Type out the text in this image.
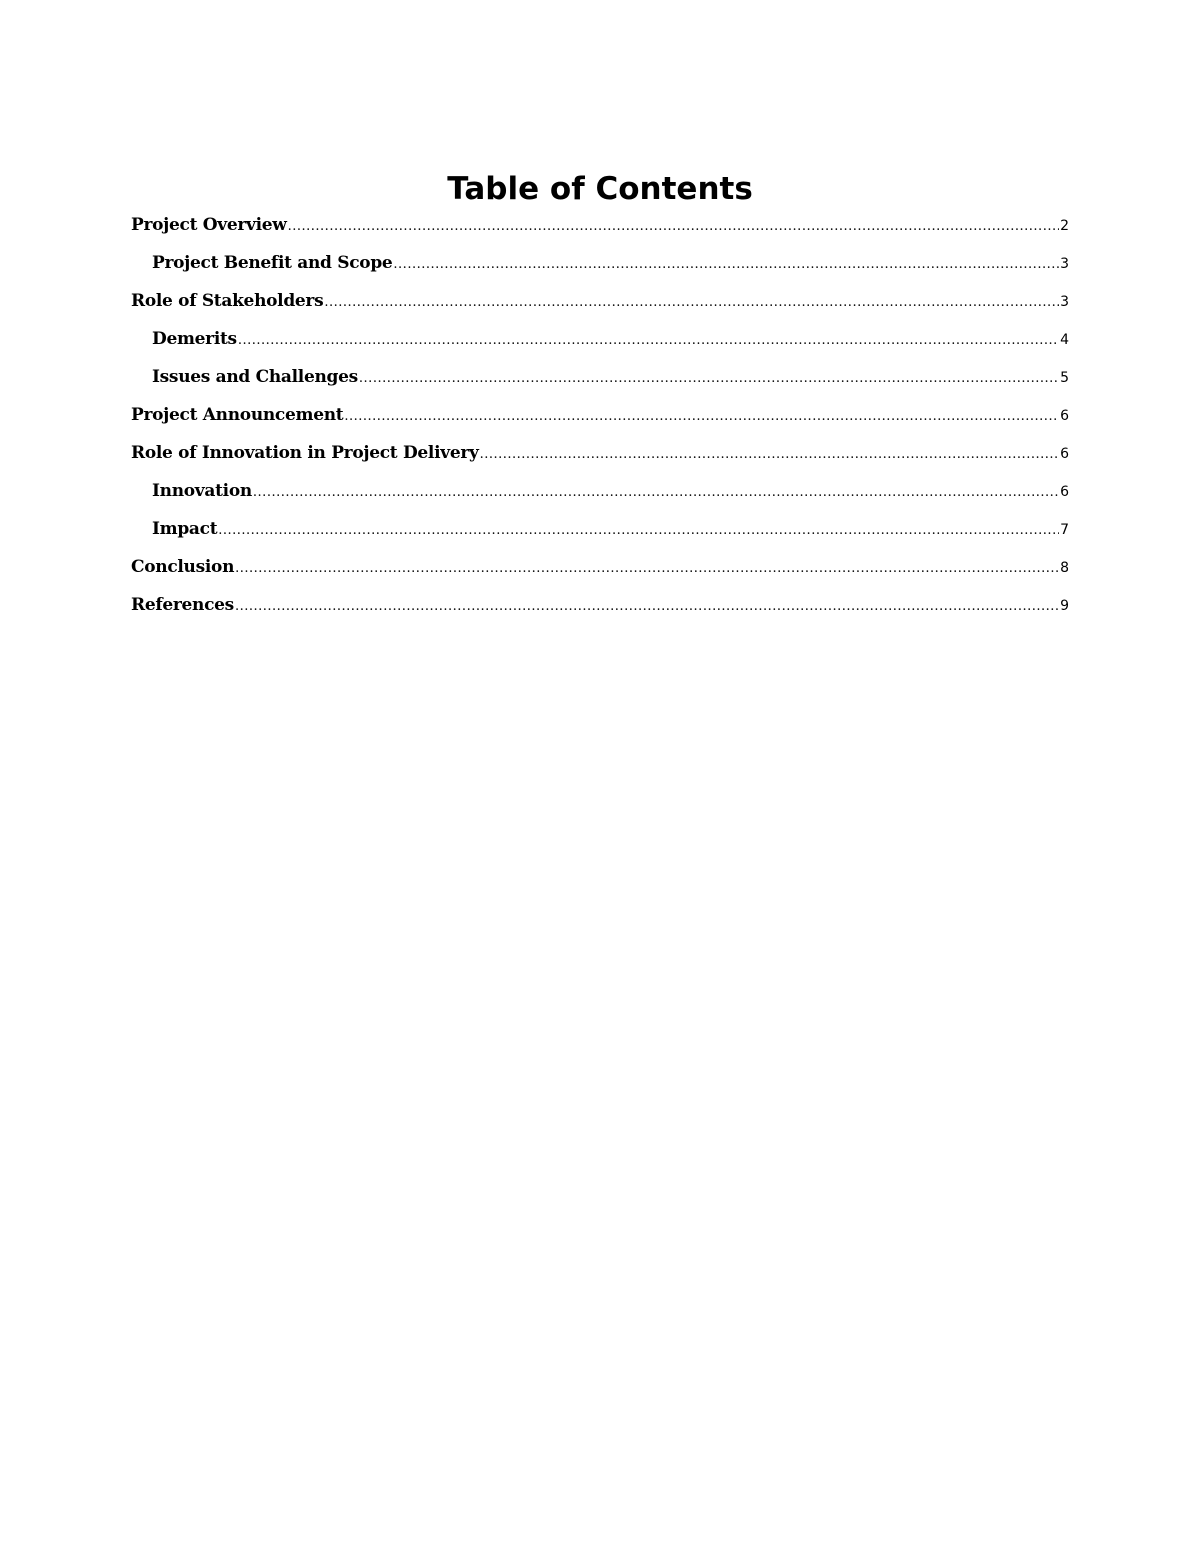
Table of Contents
Project Overview .....	2
Project Benefit and Scope .....	3
Role of Stakeholders .....	3
Demerits .....	4
Issues and Challenges .....	5
Project Announcement .....	6
Role of Innovation in Project Delivery .....	6
Innovation .....	6
Impact .....	7
Conclusion .....	8
References .....	9
